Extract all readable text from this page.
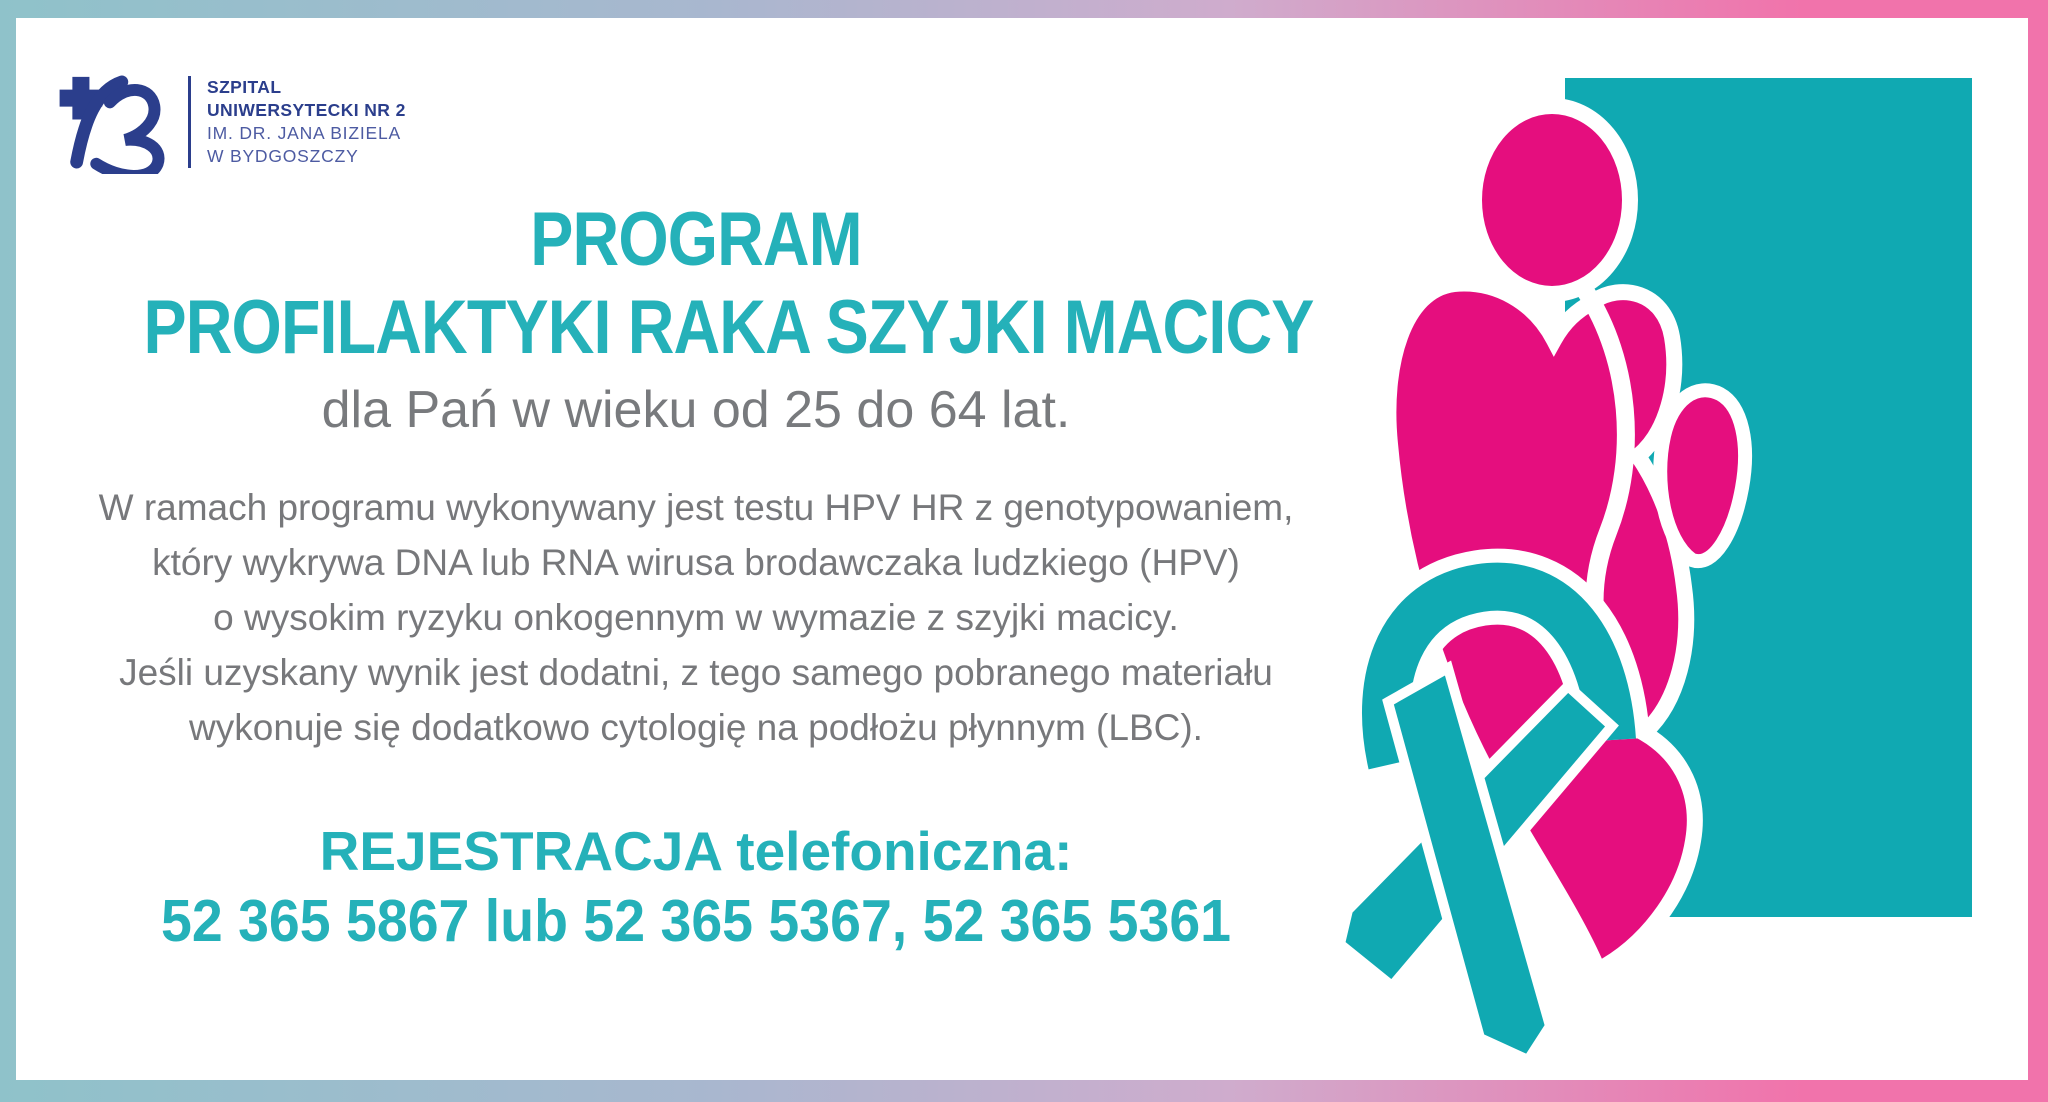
SZPITAL
UNIWERSYTECKI NR 2
IM. DR. JANA BIZIELA
W BYDGOSZCZY
PROGRAM
PROFILAKTYKI RAKA SZYJKI MACICY
dla Pań w wieku od 25 do 64 lat.
W ramach programu wykonywany jest testu HPV HR z genotypowaniem,
który wykrywa DNA lub RNA wirusa brodawczaka ludzkiego (HPV)
o wysokim ryzyku onkogennym w wymazie z szyjki macicy.
Jeśli uzyskany wynik jest dodatni, z tego samego pobranego materiału
wykonuje się dodatkowo cytologię na podłożu płynnym (LBC).
REJESTRACJA telefoniczna:
52 365 5867 lub 52 365 5367, 52 365 5361
